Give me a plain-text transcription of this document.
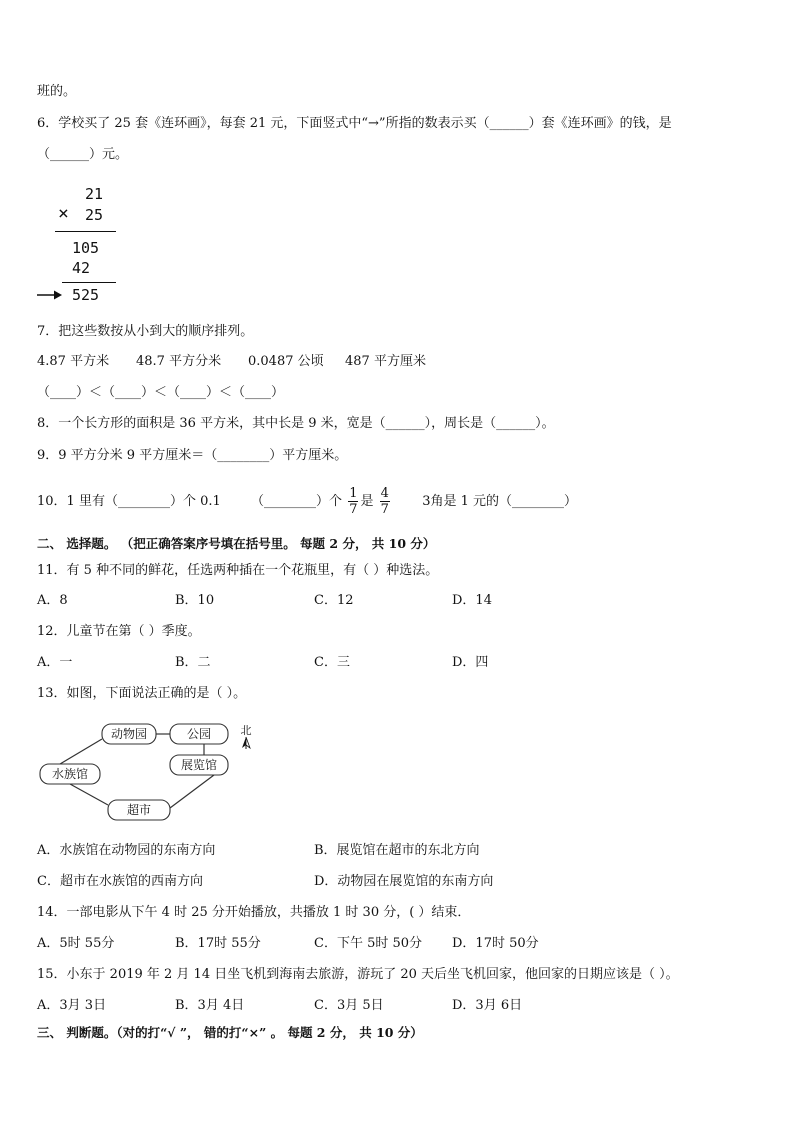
班的。
6．学校买了 25 套《连环画》，每套 21 元，下面竖式中“→”所指的数表示买（______）套《连环画》的钱，是
（______）元。
21
× 25
105
42
525
7．把这些数按从小到大的顺序排列。
4.87 平方米 48.7 平方分米 0.0487 公顷 487 平方厘米
（____）＜（____）＜（____）＜（____）
8．一个长方形的面积是 36 平方米，其中长是 9 米，宽是（______），周长是（______）。
9．9 平方分米 9 平方厘米＝（________）平方厘米。
10．1 里有（________）个 0.1 （________）个 $\frac{1}{7}$ 是 $\frac{4}{7} 3$角是 1 元的（________）
二、 选择题。 （把正确答案序号填在括号里。 每题 2 分， 共 10 分）
11．有 5 种不同的鲜花，任选两种插在一个花瓶里，有（ ）种选法。
A．8	B．10	C．12	D．14
12．儿童节在第（ ）季度。
A．一	B．二	C．三	D．四
13．如图，下面说法正确的是（ ）。
动物园	公园
水族馆
展览馆
超市
北
A．水族馆在动物园的东南方向	B．展览馆在超市的东北方向
C．超市在水族馆的西南方向	D．动物园在展览馆的东南方向
14．一部电影从下午 4 时 25 分开始播放，共播放 1 时 30 分，( ）结束．
A．5时 55分	B．17时 55分	C．下午 5时 50分 D．17时 50分
15．小东于 2019 年 2 月 14 日坐飞机到海南去旅游，游玩了 20 天后坐飞机回家，他回家的日期应该是（ ）。
A．3月 3日	B．3月 4日	C．3月 5日	D．3月 6日
三、 判断题。（对的打“√ ”， 错的打“×” 。 每题 2 分， 共 10 分）
